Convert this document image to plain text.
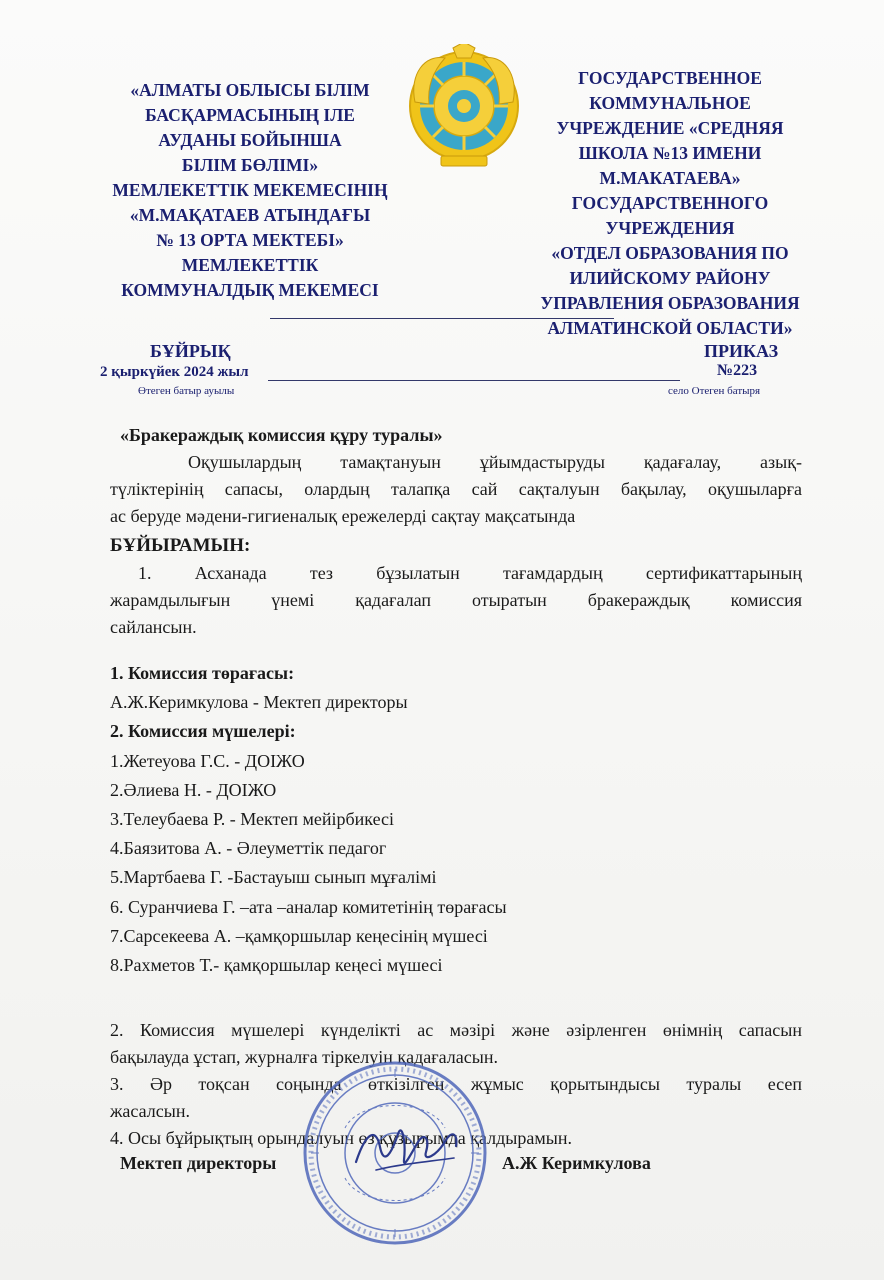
«АЛМАТЫ ОБЛЫСЫ БІЛІМ
БАСҚАРМАСЫНЫҢ ІЛЕ
АУДАНЫ БОЙЫНША
БІЛІМ БӨЛІМІ»
МЕМЛЕКЕТТІК МЕКЕМЕСІНІҢ
«М.МАҚАТАЕВ АТЫНДАҒЫ
№ 13 ОРТА МЕКТЕБІ»
МЕМЛЕКЕТТІК
КОММУНАЛДЫҚ МЕКЕМЕСІ
ГОСУДАРСТВЕННОЕ
КОММУНАЛЬНОЕ
УЧРЕЖДЕНИЕ «СРЕДНЯЯ
ШКОЛА №13 ИМЕНИ
М.МАКАТАЕВА»
ГОСУДАРСТВЕННОГО
УЧРЕЖДЕНИЯ
«ОТДЕЛ ОБРАЗОВАНИЯ ПО
ИЛИЙСКОМУ РАЙОНУ
УПРАВЛЕНИЯ ОБРАЗОВАНИЯ
АЛМАТИНСКОЙ ОБЛАСТИ»
БҰЙРЫҚ	ПРИКАЗ
2 қыркүйек 2024 жыл	№223
Өтеген батыр ауылы	село Отеген батыря
«Бракераждық комиссия құру туралы»
Оқушылардың тамақтануын ұйымдастыруды қадағалау, азық-
түліктерінің сапасы, олардың талапқа сай сақталуын бақылау, оқушыларға
ас беруде мәдени-гигиеналық ережелерді сақтау мақсатында
БҰЙЫРАМЫН:
1. Асханада тез бұзылатын тағамдардың сертификаттарының
жарамдылығын үнемі қадағалап отыратын бракераждық комиссия
сайлансын.
1. Комиссия төрағасы:
А.Ж.Керимкулова - Мектеп директоры
2. Комиссия мүшелері:
1.Жетеуова Г.С. - ДОІЖО
2.Әлиева Н. - ДОІЖО
3.Телеубаева Р. - Мектеп мейірбикесі
4.Баязитова А. - Әлеуметтік педагог
5.Мартбаева Г. -Бастауыш сынып мұғалімі
6. Суранчиева Г. –ата –аналар комитетінің төрағасы
7.Сарсекеева А. –қамқоршылар кеңесінің мүшесі
8.Рахметов Т.- қамқоршылар кеңесі мүшесі
2. Комиссия мүшелері күнделікті ас мәзірі және әзірленген өнімнің сапасын
бақылауда ұстап, журналға тіркелуін қадағаласын.
3. Әр тоқсан соңында өткізілген жұмыс қорытындысы туралы есеп
жасалсын.
4. Осы бұйрықтың орындалуын өз құзырымда қалдырамын.
Мектеп директоры	А.Ж Керимкулова
